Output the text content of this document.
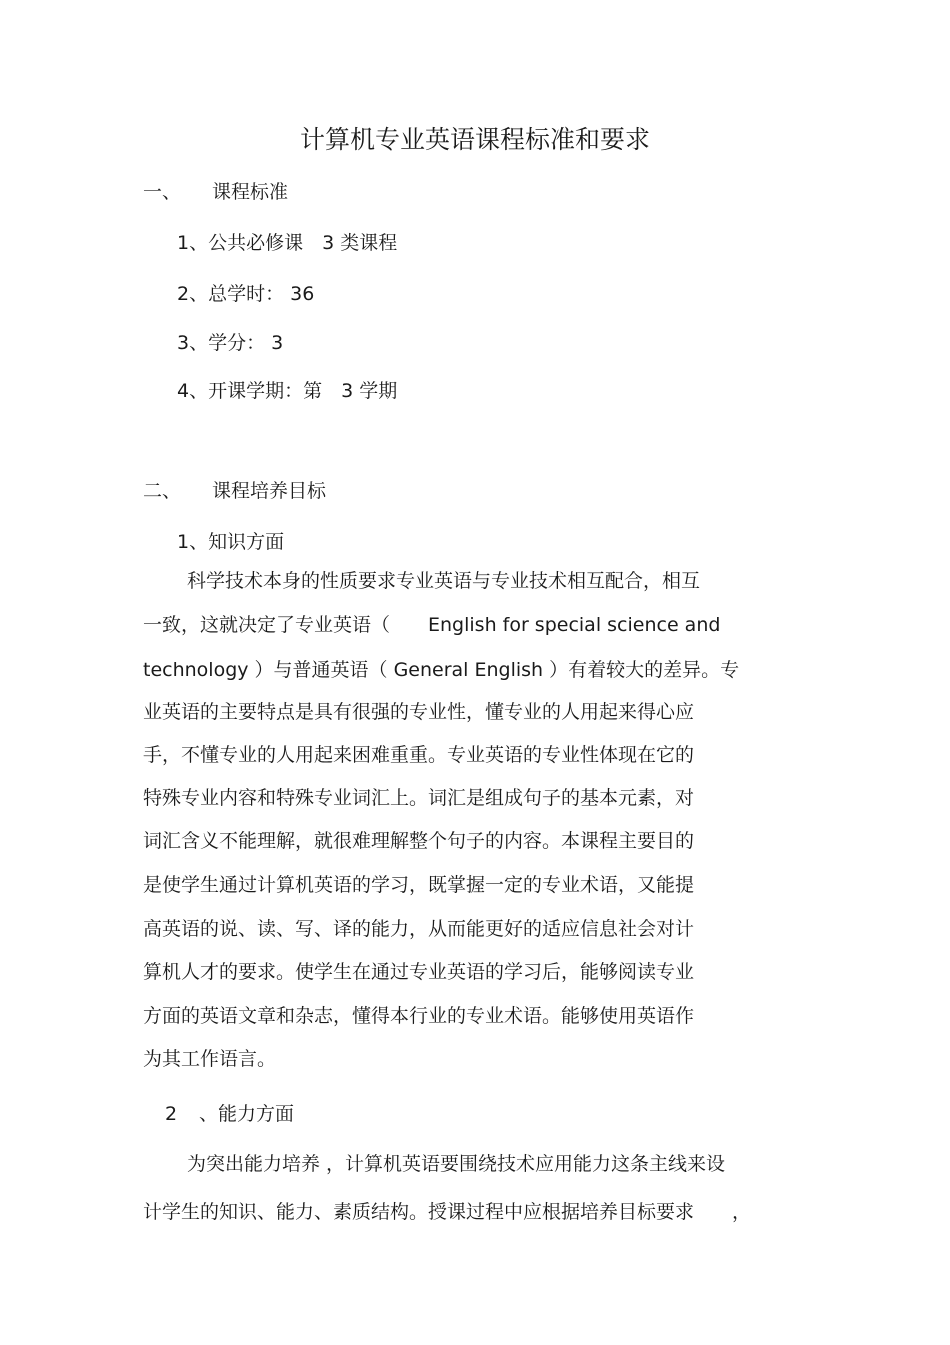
计算机专业英语课程标准和要求
一、 课程标准
1、公共必修课　3 类课程
2、总学时： 36
3、学分： 3
4、开课学期：第　3 学期
二、 课程培养目标
1、知识方面
科学技术本身的性质要求专业英语与专业技术相互配合，相互
一致，这就决定了专业英语（　　English for special science and
technology ）与普通英语（ General English ）有着较大的差异。专
业英语的主要特点是具有很强的专业性，懂专业的人用起来得心应
手，不懂专业的人用起来困难重重。专业英语的专业性体现在它的
特殊专业内容和特殊专业词汇上。词汇是组成句子的基本元素，对
词汇含义不能理解，就很难理解整个句子的内容。本课程主要目的
是使学生通过计算机英语的学习，既掌握一定的专业术语，又能提
高英语的说、读、写、译的能力，从而能更好的适应信息社会对计
算机人才的要求。使学生在通过专业英语的学习后，能够阅读专业
方面的英语文章和杂志，懂得本行业的专业术语。能够使用英语作
为其工作语言。
2 、能力方面
为突出能力培养 ，计算机英语要围绕技术应用能力这条主线来设
计学生的知识、能力、素质结构。授课过程中应根据培养目标要求　　，
